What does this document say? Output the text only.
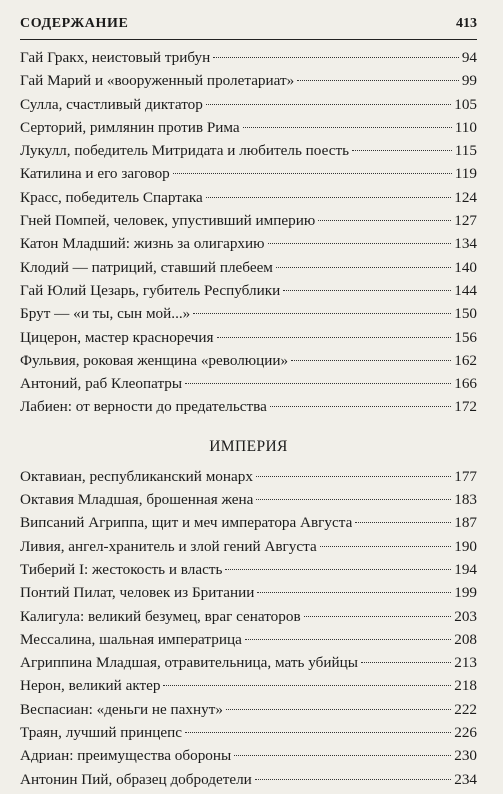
СОДЕРЖАНИЕ	413
Гай Гракх, неистовый трибун	94
Гай Марий и «вооруженный пролетариат»	99
Сулла, счастливый диктатор	105
Серторий, римлянин против Рима	110
Лукулл, победитель Митридата и любитель поесть	115
Катилина и его заговор	119
Красс, победитель Спартака	124
Гней Помпей, человек, упустивший империю	127
Катон Младший: жизнь за олигархию	134
Клодий — патриций, ставший плебеем	140
Гай Юлий Цезарь, губитель Республики	144
Брут — «и ты, сын мой...»	150
Цицерон, мастер красноречия	156
Фульвия, роковая женщина «революции»	162
Антоний, раб Клеопатры	166
Лабиен: от верности до предательства	172
ИМПЕРИЯ
Октавиан, республиканский монарх	177
Октавия Младшая, брошенная жена	183
Випсаний Агриппа, щит и меч императора Августа	187
Ливия, ангел-хранитель и злой гений Августа	190
Тиберий I: жестокость и власть	194
Понтий Пилат, человек из Британии	199
Калигула: великий безумец, враг сенаторов	203
Мессалина, шальная императрица	208
Агриппина Младшая, отравительница, мать убийцы	213
Нерон, великий актер	218
Веспасиан: «деньги не пахнут»	222
Траян, лучший принцепс	226
Адриан: преимущества обороны	230
Антонин Пий, образец добродетели	234
